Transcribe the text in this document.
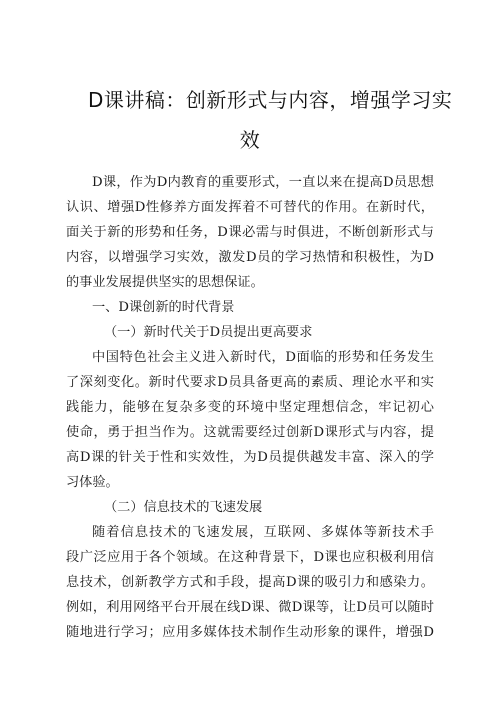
D课讲稿：创新形式与内容，增强学习实
效
D课，作为D内教育的重要形式，一直以来在提高D员思想
认识、增强D性修养方面发挥着不可替代的作用。在新时代，
面关于新的形势和任务，D课必需与时俱进，不断创新形式与
内容，以增强学习实效，激发D员的学习热情和积极性，为D
的事业发展提供坚实的思想保证。
一、D课创新的时代背景
（一）新时代关于D员提出更高要求
中国特色社会主义进入新时代，D面临的形势和任务发生
了深刻变化。新时代要求D员具备更高的素质、理论水平和实
践能力，能够在复杂多变的环境中坚定理想信念，牢记初心
使命，勇于担当作为。这就需要经过创新D课形式与内容，提
高D课的针关于性和实效性，为D员提供越发丰富、深入的学
习体验。
（二）信息技术的飞速发展
随着信息技术的飞速发展，互联网、多媒体等新技术手
段广泛应用于各个领域。在这种背景下，D课也应积极利用信
息技术，创新教学方式和手段，提高D课的吸引力和感染力。
例如，利用网络平台开展在线D课、微D课等，让D员可以随时
随地进行学习；应用多媒体技术制作生动形象的课件，增强D
